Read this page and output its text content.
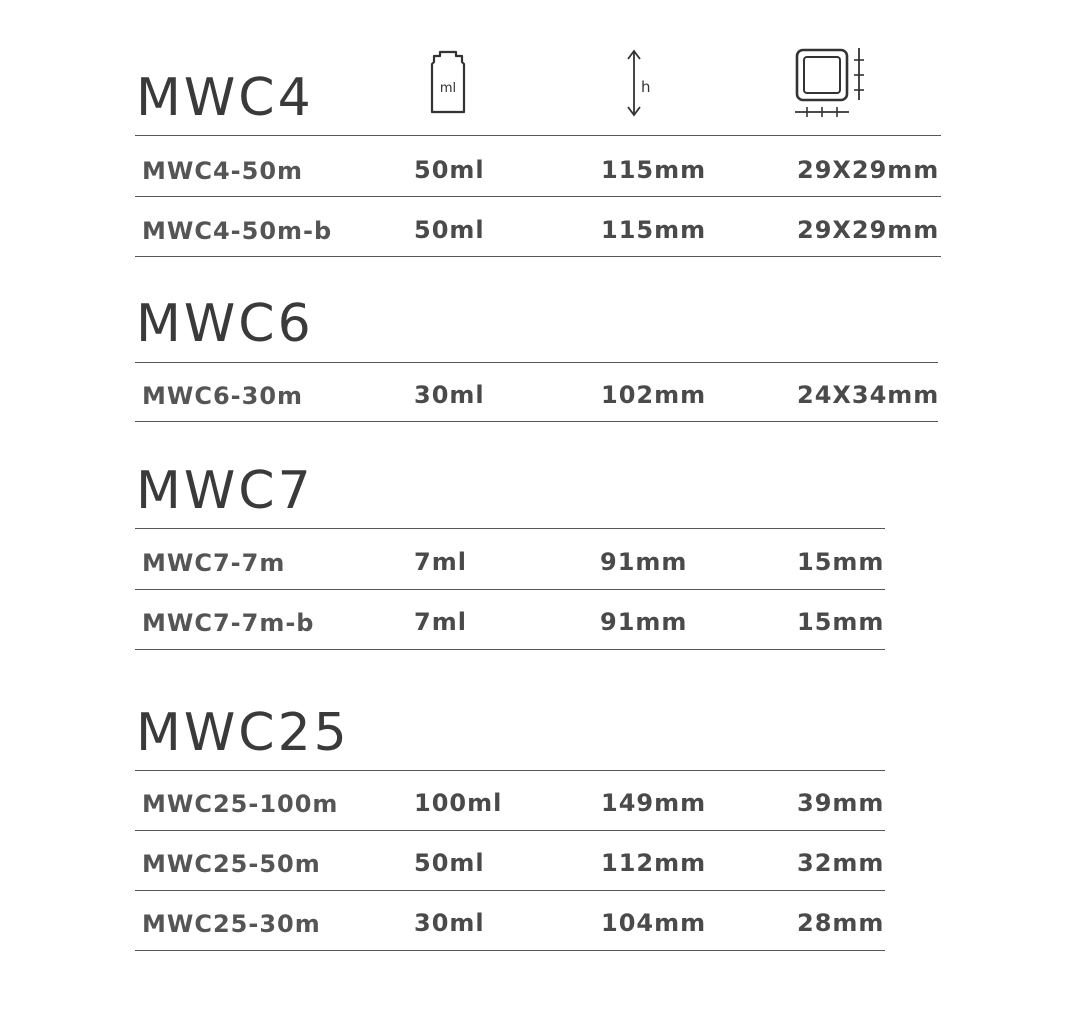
ml	h
MWC4
MWC4-50m	50ml	115mm	29X29mm
MWC4-50m-b	50ml	115mm	29X29mm
MWC6
MWC6-30m	30ml	102mm	24X34mm
MWC7
MWC7-7m	7ml	91mm	15mm
MWC7-7m-b	7ml	91mm	15mm
MWC25
MWC25-100m	100ml	149mm	39mm
MWC25-50m	50ml	112mm	32mm
MWC25-30m	30ml	104mm	28mm
